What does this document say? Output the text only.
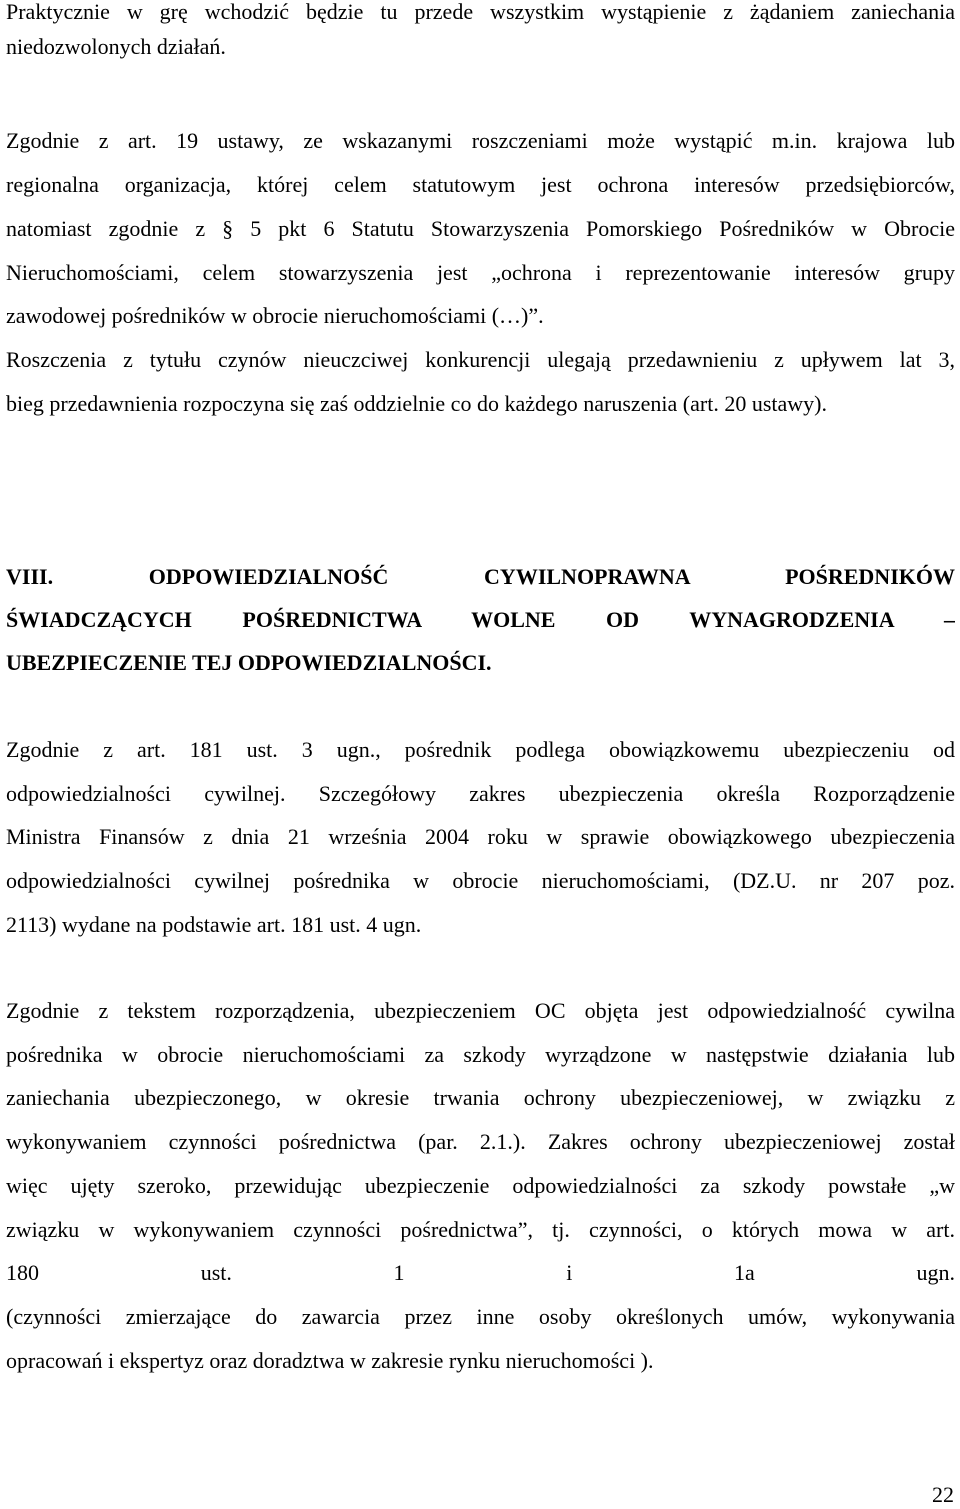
Praktycznie w grę wchodzić będzie tu przede wszystkim wystąpienie z żądaniem zaniechania
niedozwolonych działań.
Zgodnie z art. 19 ustawy, ze wskazanymi roszczeniami może wystąpić m.in. krajowa lub
regionalna organizacja, której celem statutowym jest ochrona interesów przedsiębiorców,
natomiast zgodnie z § 5 pkt 6 Statutu Stowarzyszenia Pomorskiego Pośredników w Obrocie
Nieruchomościami, celem stowarzyszenia jest „ochrona i reprezentowanie interesów grupy
zawodowej pośredników w obrocie nieruchomościami (…)”.
Roszczenia z tytułu czynów nieuczciwej konkurencji ulegają przedawnieniu z upływem lat 3,
bieg przedawnienia rozpoczyna się zaś oddzielnie co do każdego naruszenia (art. 20 ustawy).
VIII. ODPOWIEDZIALNOŚĆ CYWILNOPRAWNA POŚREDNIKÓW
ŚWIADCZĄCYCH POŚREDNICTWA WOLNE OD WYNAGRODZENIA –
UBEZPIECZENIE TEJ ODPOWIEDZIALNOŚCI.
Zgodnie z art. 181 ust. 3 ugn., pośrednik podlega obowiązkowemu ubezpieczeniu od
odpowiedzialności cywilnej. Szczegółowy zakres ubezpieczenia określa Rozporządzenie
Ministra Finansów z dnia 21 września 2004 roku w sprawie obowiązkowego ubezpieczenia
odpowiedzialności cywilnej pośrednika w obrocie nieruchomościami, (DZ.U. nr 207 poz.
2113) wydane na podstawie art. 181 ust. 4 ugn.
Zgodnie z tekstem rozporządzenia, ubezpieczeniem OC objęta jest odpowiedzialność cywilna
pośrednika w obrocie nieruchomościami za szkody wyrządzone w następstwie działania lub
zaniechania ubezpieczonego, w okresie trwania ochrony ubezpieczeniowej, w związku z
wykonywaniem czynności pośrednictwa (par. 2.1.). Zakres ochrony ubezpieczeniowej został
więc ujęty szeroko, przewidując ubezpieczenie odpowiedzialności za szkody powstałe „w
związku w wykonywaniem czynności pośrednictwa”, tj. czynności, o których mowa w art.
180 ust. 1 i 1a ugn.
(czynności zmierzające do zawarcia przez inne osoby określonych umów, wykonywania
opracowań i ekspertyz oraz doradztwa w zakresie rynku nieruchomości ).
22
